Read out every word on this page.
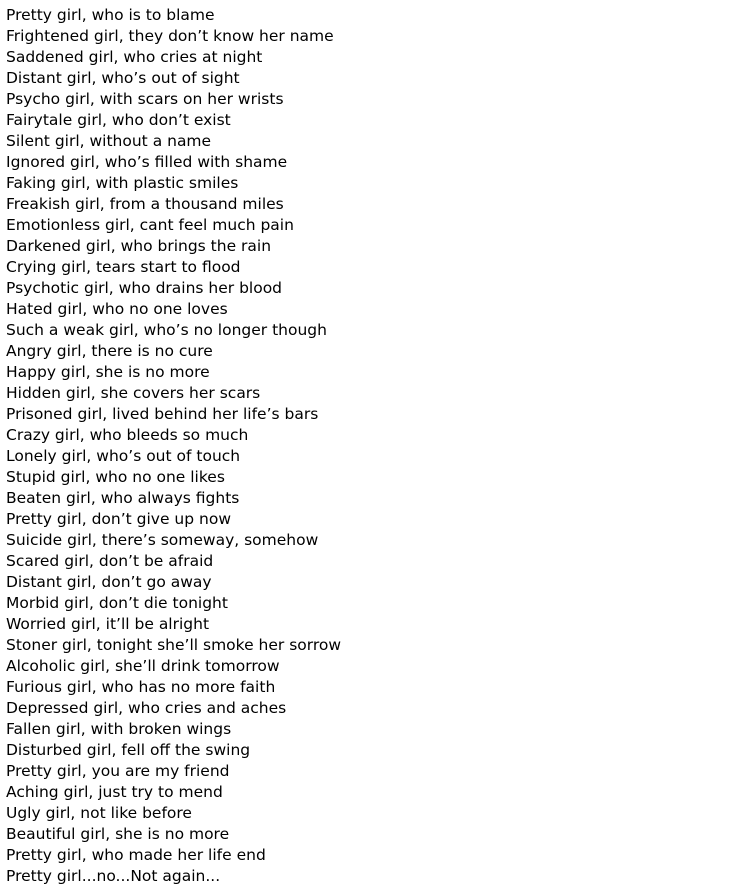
Pretty girl, who is to blame
Frightened girl, they don’t know her name
Saddened girl, who cries at night
Distant girl, who’s out of sight
Psycho girl, with scars on her wrists
Fairytale girl, who don’t exist
Silent girl, without a name
Ignored girl, who’s filled with shame
Faking girl, with plastic smiles
Freakish girl, from a thousand miles
Emotionless girl, cant feel much pain
Darkened girl, who brings the rain
Crying girl, tears start to flood
Psychotic girl, who drains her blood
Hated girl, who no one loves
Such a weak girl, who’s no longer though
Angry girl, there is no cure
Happy girl, she is no more
Hidden girl, she covers her scars
Prisoned girl, lived behind her life’s bars
Crazy girl, who bleeds so much
Lonely girl, who’s out of touch
Stupid girl, who no one likes
Beaten girl, who always fights
Pretty girl, don’t give up now
Suicide girl, there’s someway, somehow
Scared girl, don’t be afraid
Distant girl, don’t go away
Morbid girl, don’t die tonight
Worried girl, it’ll be alright
Stoner girl, tonight she’ll smoke her sorrow
Alcoholic girl, she’ll drink tomorrow
Furious girl, who has no more faith
Depressed girl, who cries and aches
Fallen girl, with broken wings
Disturbed girl, fell off the swing
Pretty girl, you are my friend
Aching girl, just try to mend
Ugly girl, not like before
Beautiful girl, she is no more
Pretty girl, who made her life end
Pretty girl...no...Not again...
